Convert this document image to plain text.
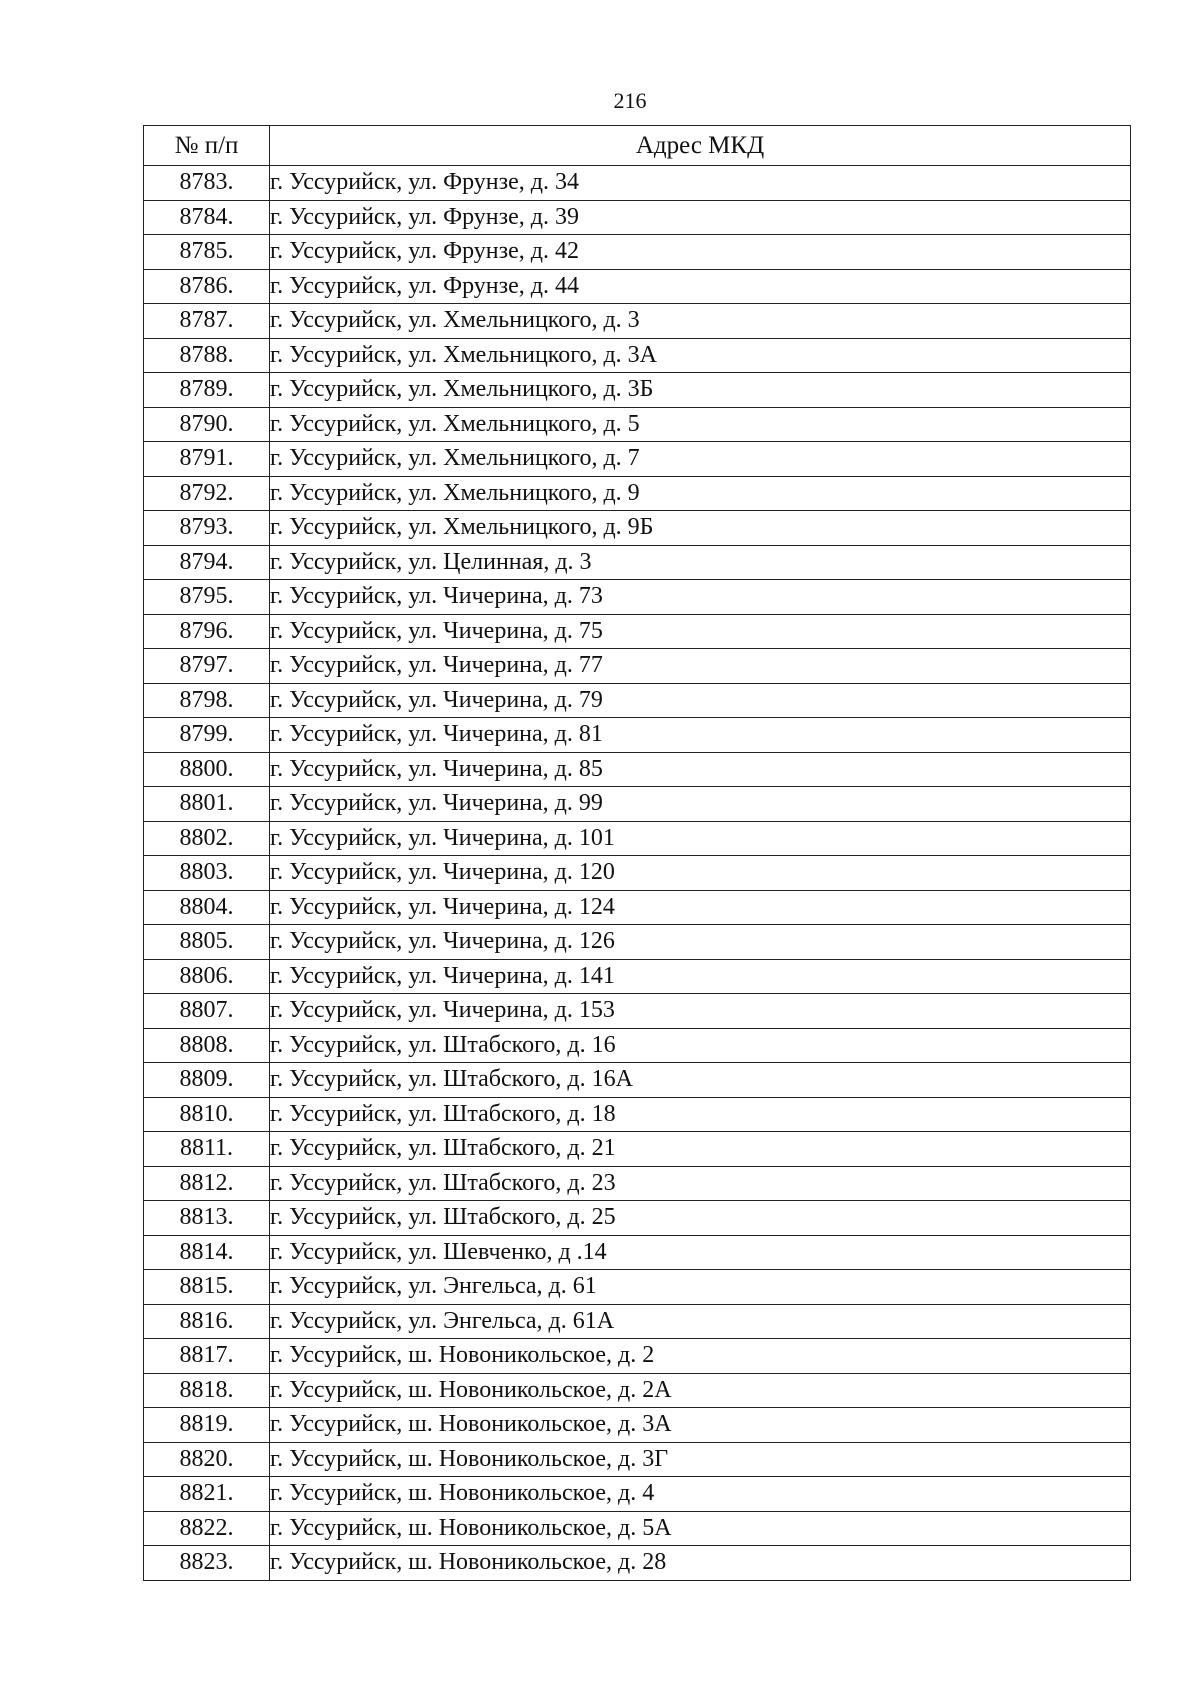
216
№ п/п	Адрес МКД
8783.	г. Уссурийск, ул. Фрунзе, д. 34
8784.	г. Уссурийск, ул. Фрунзе, д. 39
8785.	г. Уссурийск, ул. Фрунзе, д. 42
8786.	г. Уссурийск, ул. Фрунзе, д. 44
8787.	г. Уссурийск, ул. Хмельницкого, д. 3
8788.	г. Уссурийск, ул. Хмельницкого, д. 3А
8789.	г. Уссурийск, ул. Хмельницкого, д. 3Б
8790.	г. Уссурийск, ул. Хмельницкого, д. 5
8791.	г. Уссурийск, ул. Хмельницкого, д. 7
8792.	г. Уссурийск, ул. Хмельницкого, д. 9
8793.	г. Уссурийск, ул. Хмельницкого, д. 9Б
8794.	г. Уссурийск, ул. Целинная, д. 3
8795.	г. Уссурийск, ул. Чичерина, д. 73
8796.	г. Уссурийск, ул. Чичерина, д. 75
8797.	г. Уссурийск, ул. Чичерина, д. 77
8798.	г. Уссурийск, ул. Чичерина, д. 79
8799.	г. Уссурийск, ул. Чичерина, д. 81
8800.	г. Уссурийск, ул. Чичерина, д. 85
8801.	г. Уссурийск, ул. Чичерина, д. 99
8802.	г. Уссурийск, ул. Чичерина, д. 101
8803.	г. Уссурийск, ул. Чичерина, д. 120
8804.	г. Уссурийск, ул. Чичерина, д. 124
8805.	г. Уссурийск, ул. Чичерина, д. 126
8806.	г. Уссурийск, ул. Чичерина, д. 141
8807.	г. Уссурийск, ул. Чичерина, д. 153
8808.	г. Уссурийск, ул. Штабского, д. 16
8809.	г. Уссурийск, ул. Штабского, д. 16А
8810.	г. Уссурийск, ул. Штабского, д. 18
8811.	г. Уссурийск, ул. Штабского, д. 21
8812.	г. Уссурийск, ул. Штабского, д. 23
8813.	г. Уссурийск, ул. Штабского, д. 25
8814.	г. Уссурийск, ул. Шевченко, д .14
8815.	г. Уссурийск, ул. Энгельса, д. 61
8816.	г. Уссурийск, ул. Энгельса, д. 61А
8817.	г. Уссурийск, ш. Новоникольское, д. 2
8818.	г. Уссурийск, ш. Новоникольское, д. 2А
8819.	г. Уссурийск, ш. Новоникольское, д. 3А
8820.	г. Уссурийск, ш. Новоникольское, д. 3Г
8821.	г. Уссурийск, ш. Новоникольское, д. 4
8822.	г. Уссурийск, ш. Новоникольское, д. 5А
8823.	г. Уссурийск, ш. Новоникольское, д. 28
